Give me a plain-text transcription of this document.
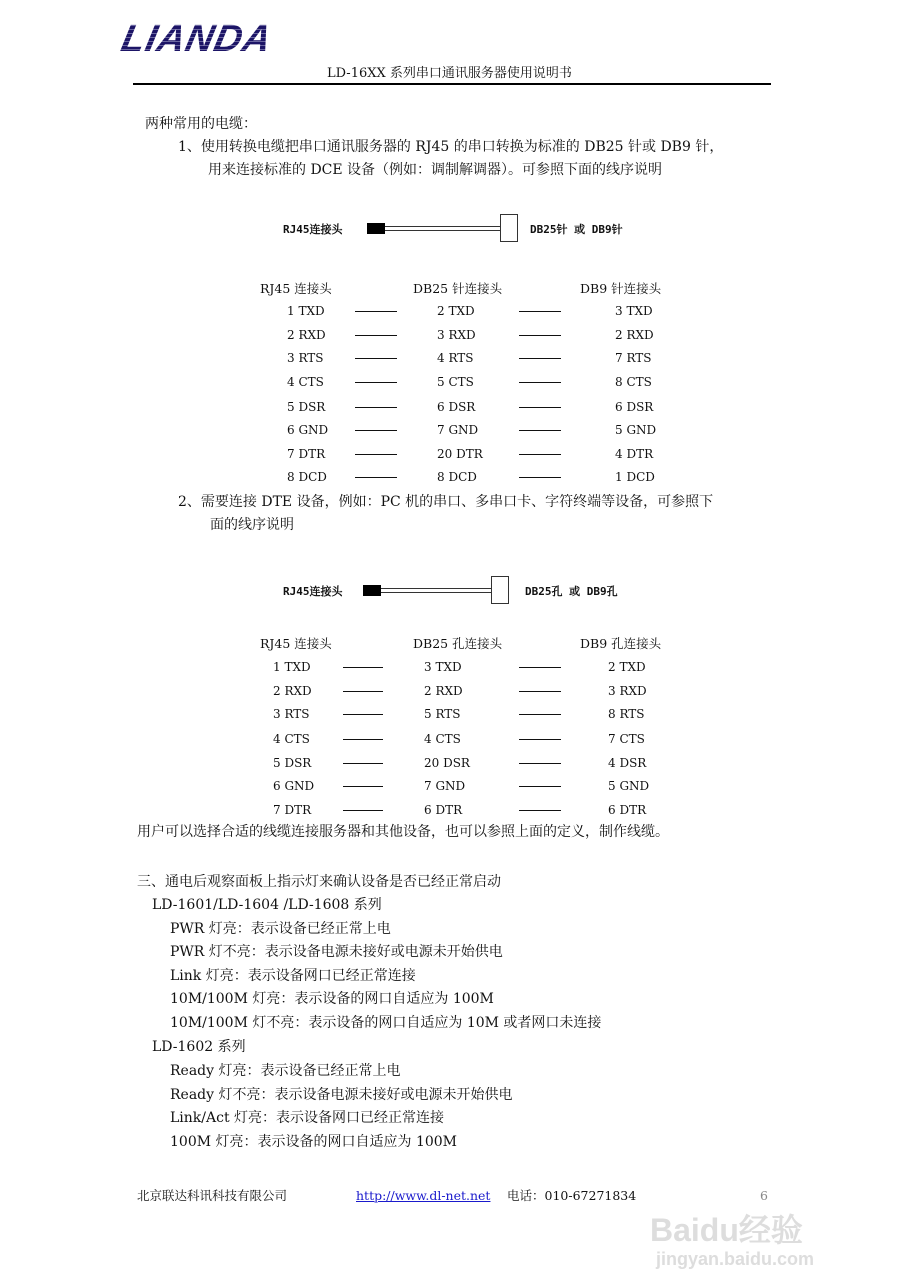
LIANDA
LD-16XX 系列串口通讯服务器使用说明书
两种常用的电缆：
1、使用转换电缆把串口通讯服务器的 RJ45 的串口转换为标准的 DB25 针或 DB9 针，
用来连接标准的 DCE 设备（例如：调制解调器）。可参照下面的线序说明
RJ45连接头	DB25针 或 DB9针
RJ45 连接头	DB25 针连接头	DB9 针连接头
1 TXD	2 TXD	3 TXD
2 RXD	3 RXD	2 RXD
3 RTS	4 RTS	7 RTS
4 CTS	5 CTS	8 CTS
5 DSR	6 DSR	6 DSR
6 GND	7 GND	5 GND
7 DTR	20 DTR	4 DTR
8 DCD	8 DCD	1 DCD
2、需要连接 DTE 设备，例如：PC 机的串口、多串口卡、字符终端等设备，可参照下
面的线序说明
RJ45连接头	DB25孔 或 DB9孔
RJ45 连接头	DB25 孔连接头	DB9 孔连接头
1 TXD	3 TXD	2 TXD
2 RXD	2 RXD	3 RXD
3 RTS	5 RTS	8 RTS
4 CTS	4 CTS	7 CTS
5 DSR	20 DSR	4 DSR
6 GND	7 GND	5 GND
7 DTR	6 DTR	6 DTR
用户可以选择合适的线缆连接服务器和其他设备，也可以参照上面的定义，制作线缆。
三、通电后观察面板上指示灯来确认设备是否已经正常启动
LD-1601/LD-1604 /LD-1608 系列
PWR 灯亮：表示设备已经正常上电
PWR 灯不亮：表示设备电源未接好或电源未开始供电
Link 灯亮：表示设备网口已经正常连接
10M/100M 灯亮：表示设备的网口自适应为 100M
10M/100M 灯不亮：表示设备的网口自适应为 10M 或者网口未连接
LD-1602 系列
Ready 灯亮：表示设备已经正常上电
Ready 灯不亮：表示设备电源未接好或电源未开始供电
Link/Act 灯亮：表示设备网口已经正常连接
100M 灯亮：表示设备的网口自适应为 100M
北京联达科讯科技有限公司	http://www.dl-net.net 电话：010-67271834	6
Baidu经验
jingyan.baidu.com
